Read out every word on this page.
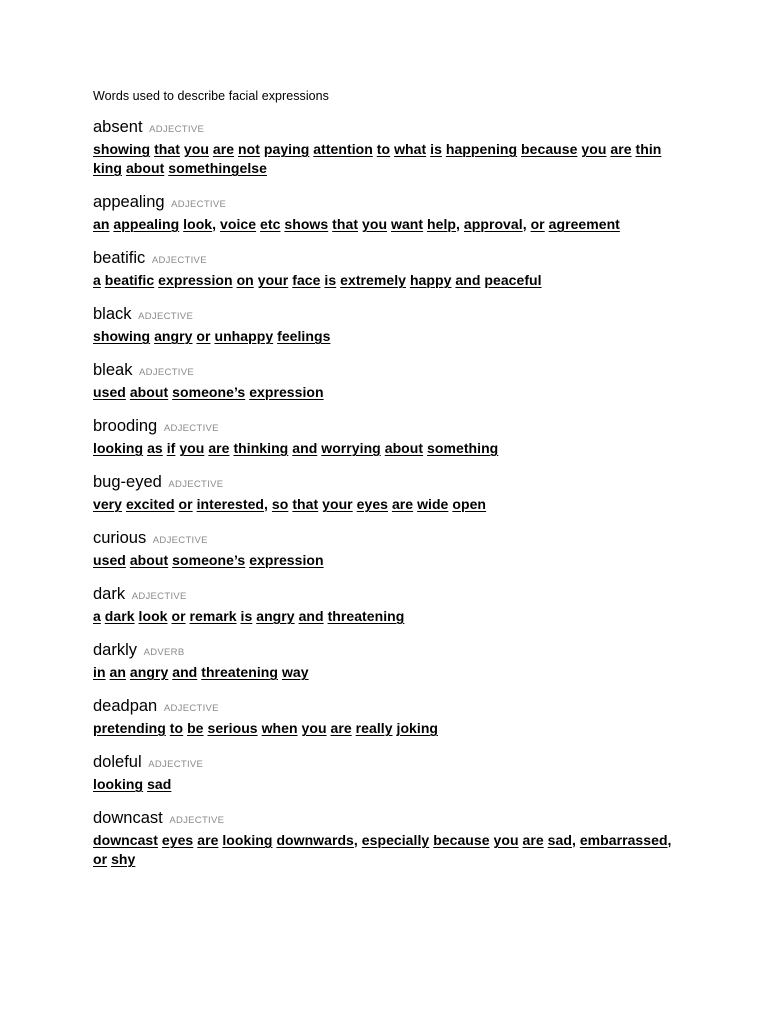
Words used to describe facial expressions

absent ADJECTIVE

showing that you are not paying attention to what is happening because you are thin

king about somethingelse

appealing ADJECTIVE

an appealing look, voice etc shows that you want help, approval, or agreement

beatific ADJECTIVE

a beatific expression on your face is extremely happy and peaceful

black ADJECTIVE

showing angry or unhappy feelings

bleak ADJECTIVE

used about someone’s expression

brooding ADJECTIVE

looking as if you are thinking and worrying about something

bug-eyed ADJECTIVE

very excited or interested, so that your eyes are wide open

curious ADJECTIVE

used about someone’s expression

dark ADJECTIVE

a dark look or remark is angry and threatening

darkly ADVERB

in an angry and threatening way

deadpan ADJECTIVE

pretending to be serious when you are really joking

doleful ADJECTIVE

looking sad

downcast ADJECTIVE

downcast eyes are looking downwards, especially because you are sad, embarrassed,

or shy
